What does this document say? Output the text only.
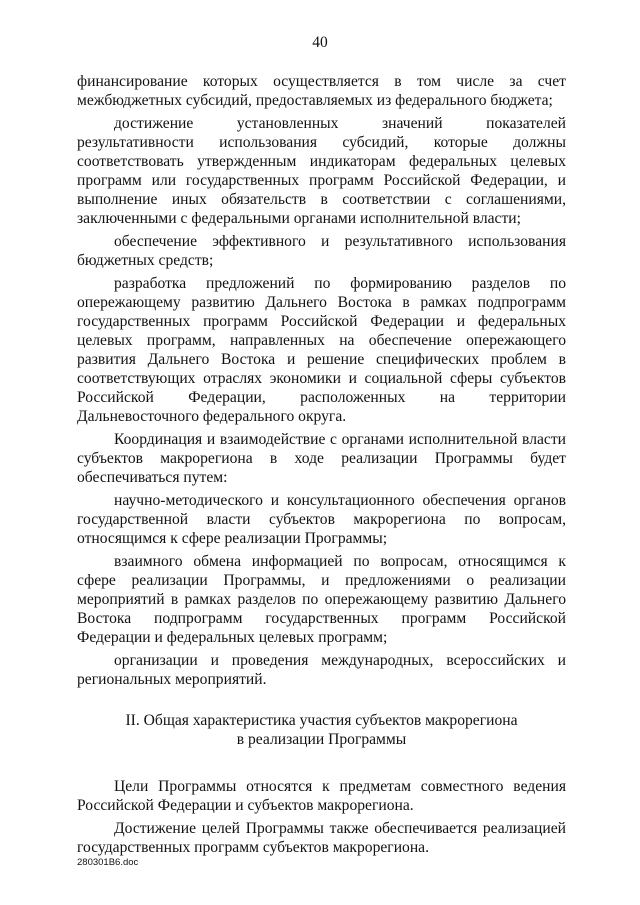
40

финансирование которых осуществляется в том числе за счет межбюджетных субсидий, предоставляемых из федерального бюджета;

достижение установленных значений показателей результативности использования субсидий, которые должны соответствовать утвержденным индикаторам федеральных целевых программ или государственных программ Российской Федерации, и выполнение иных обязательств в соответствии с соглашениями, заключенными с федеральными органами исполнительной власти;

обеспечение эффективного и результативного использования бюджетных средств;

разработка предложений по формированию разделов по опережающему развитию Дальнего Востока в рамках подпрограмм государственных программ Российской Федерации и федеральных целевых программ, направленных на обеспечение опережающего развития Дальнего Востока и решение специфических проблем в соответствующих отраслях экономики и социальной сферы субъектов Российской Федерации, расположенных на территории Дальневосточного федерального округа.

Координация и взаимодействие с органами исполнительной власти субъектов макрорегиона в ходе реализации Программы будет обеспечиваться путем:

научно-методического и консультационного обеспечения органов государственной власти субъектов макрорегиона по вопросам, относящимся к сфере реализации Программы;

взаимного обмена информацией по вопросам, относящимся к сфере реализации Программы, и предложениями о реализации мероприятий в рамках разделов по опережающему развитию Дальнего Востока подпрограмм государственных программ Российской Федерации и федеральных целевых программ;

организации и проведения международных, всероссийских и региональных мероприятий.

II. Общая характеристика участия субъектов макрорегиона
в реализации Программы

Цели Программы относятся к предметам совместного ведения Российской Федерации и субъектов макрорегиона.

Достижение целей Программы также обеспечивается реализацией государственных программ субъектов макрорегиона.

280301B6.doc
